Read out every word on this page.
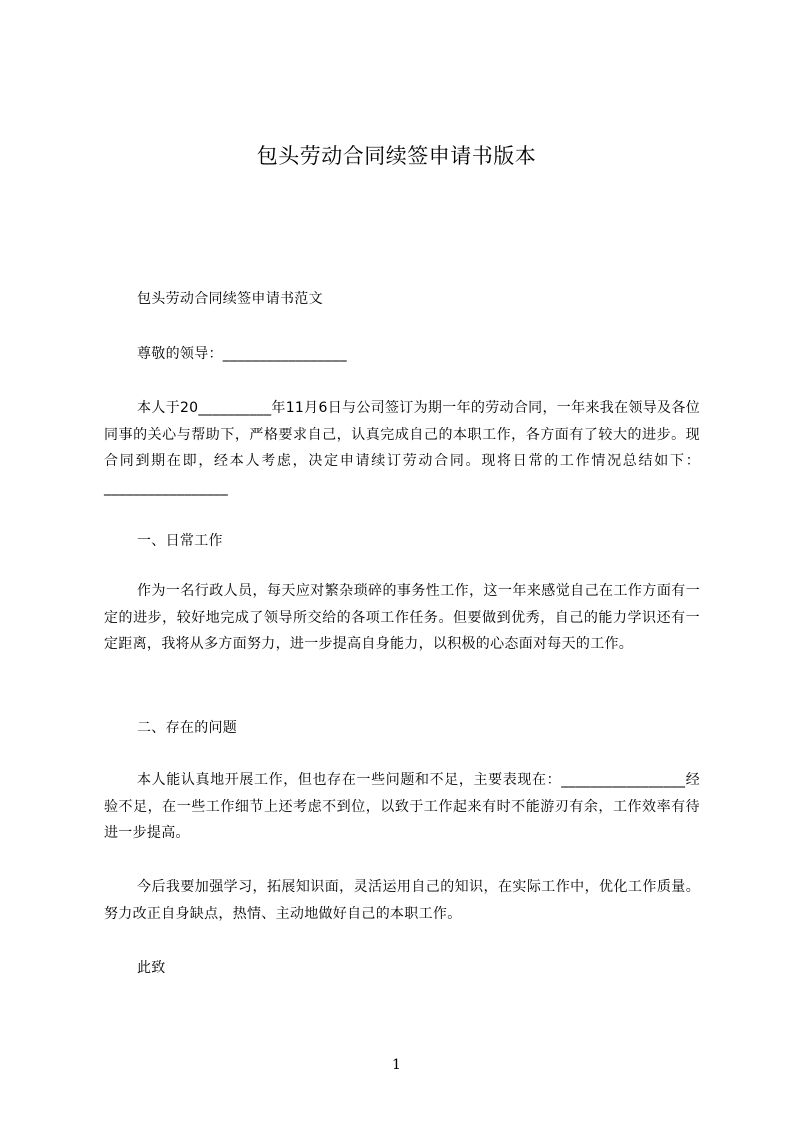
包头劳动合同续签申请书版本
包头劳动合同续签申请书范文
尊敬的领导：_________________
本人于20__________年11月6日与公司签订为期一年的劳动合同，一年来我在领导及各位同事的关心与帮助下，严格要求自己，认真完成自己的本职工作，各方面有了较大的进步。现合同到期在即，经本人考虑，决定申请续订劳动合同。现将日常的工作情况总结如下：_________________
一、日常工作
作为一名行政人员，每天应对繁杂琐碎的事务性工作，这一年来感觉自己在工作方面有一定的进步，较好地完成了领导所交给的各项工作任务。但要做到优秀，自己的能力学识还有一定距离，我将从多方面努力，进一步提高自身能力，以积极的心态面对每天的工作。
二、存在的问题
本人能认真地开展工作，但也存在一些问题和不足，主要表现在：_________________经验不足，在一些工作细节上还考虑不到位，以致于工作起来有时不能游刃有余，工作效率有待进一步提高。
今后我要加强学习，拓展知识面，灵活运用自己的知识，在实际工作中，优化工作质量。努力改正自身缺点，热情、主动地做好自己的本职工作。
此致
1
